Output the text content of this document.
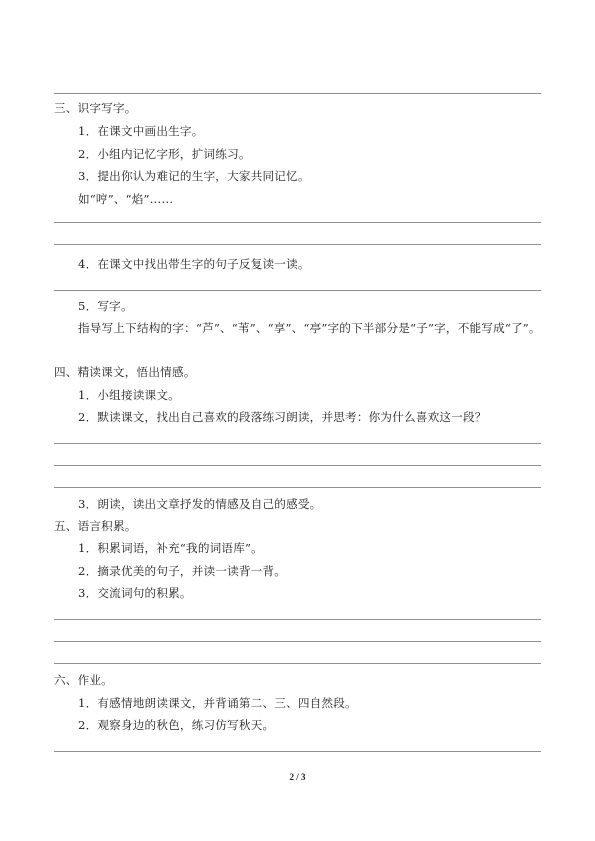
三、识字写字。
1．在课文中画出生字。
2．小组内记忆字形，扩词练习。
3．提出你认为难记的生字，大家共同记忆。
如“哼”、“焰”……
4．在课文中找出带生字的句子反复读一读。
5．写字。
指导写上下结构的字：“芦”、“苇”、“享”、“亭”字的下半部分是“子”字，不能写成“了”。
四、精读课文，悟出情感。
1．小组接读课文。
2．默读课文，找出自己喜欢的段落练习朗读，并思考：你为什么喜欢这一段？
3．朗读，读出文章抒发的情感及自己的感受。
五、语言积累。
1．积累词语，补充“我的词语库”。
2．摘录优美的句子，并读一读背一背。
3．交流词句的积累。
六、作业。
1．有感情地朗读课文，并背诵第二、三、四自然段。
2．观察身边的秋色，练习仿写秋天。
2 / 3
